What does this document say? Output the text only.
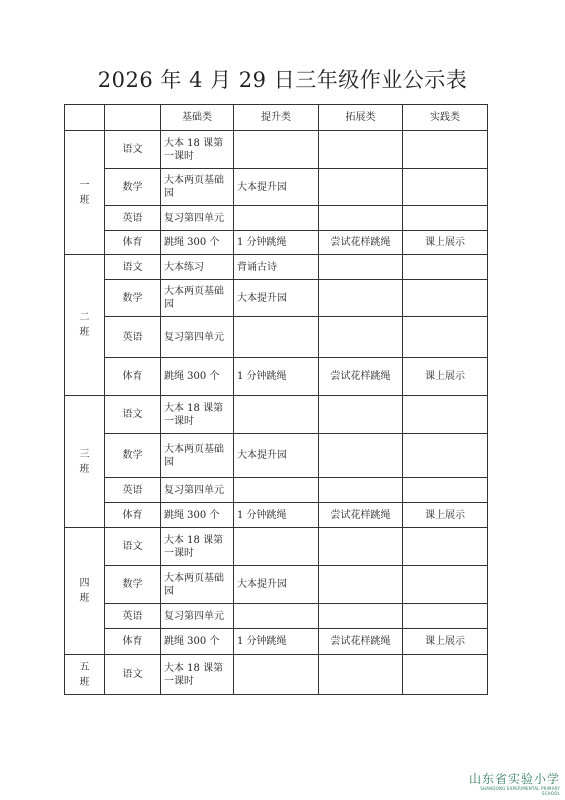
2026 年 4 月 29 日三年级作业公示表
		基础类	提升类	拓展类	实践类

一
班	语文	大本 18 课第一课时			
	数学	大本两页基础园	大本提升园		
	英语	复习第四单元			
	体育	跳绳 300 个	1 分钟跳绳	尝试花样跳绳	课上展示

二
班	语文	大本练习	背诵古诗		
	数学	大本两页基础园	大本提升园		
	英语	复习第四单元			
	体育	跳绳 300 个	1 分钟跳绳	尝试花样跳绳	课上展示

三
班	语文	大本 18 课第一课时			
	数学	大本两页基础园	大本提升园		
	英语	复习第四单元			
	体育	跳绳 300 个	1 分钟跳绳	尝试花样跳绳	课上展示

四
班	语文	大本 18 课第一课时			
	数学	大本两页基础园	大本提升园		
	英语	复习第四单元			
	体育	跳绳 300 个	1 分钟跳绳	尝试花样跳绳	课上展示

五
班	语文	大本 18 课第一课时			
山东省实验小学
SHANDONG EXPERIMENTAL PRIMARY SCHOOL
